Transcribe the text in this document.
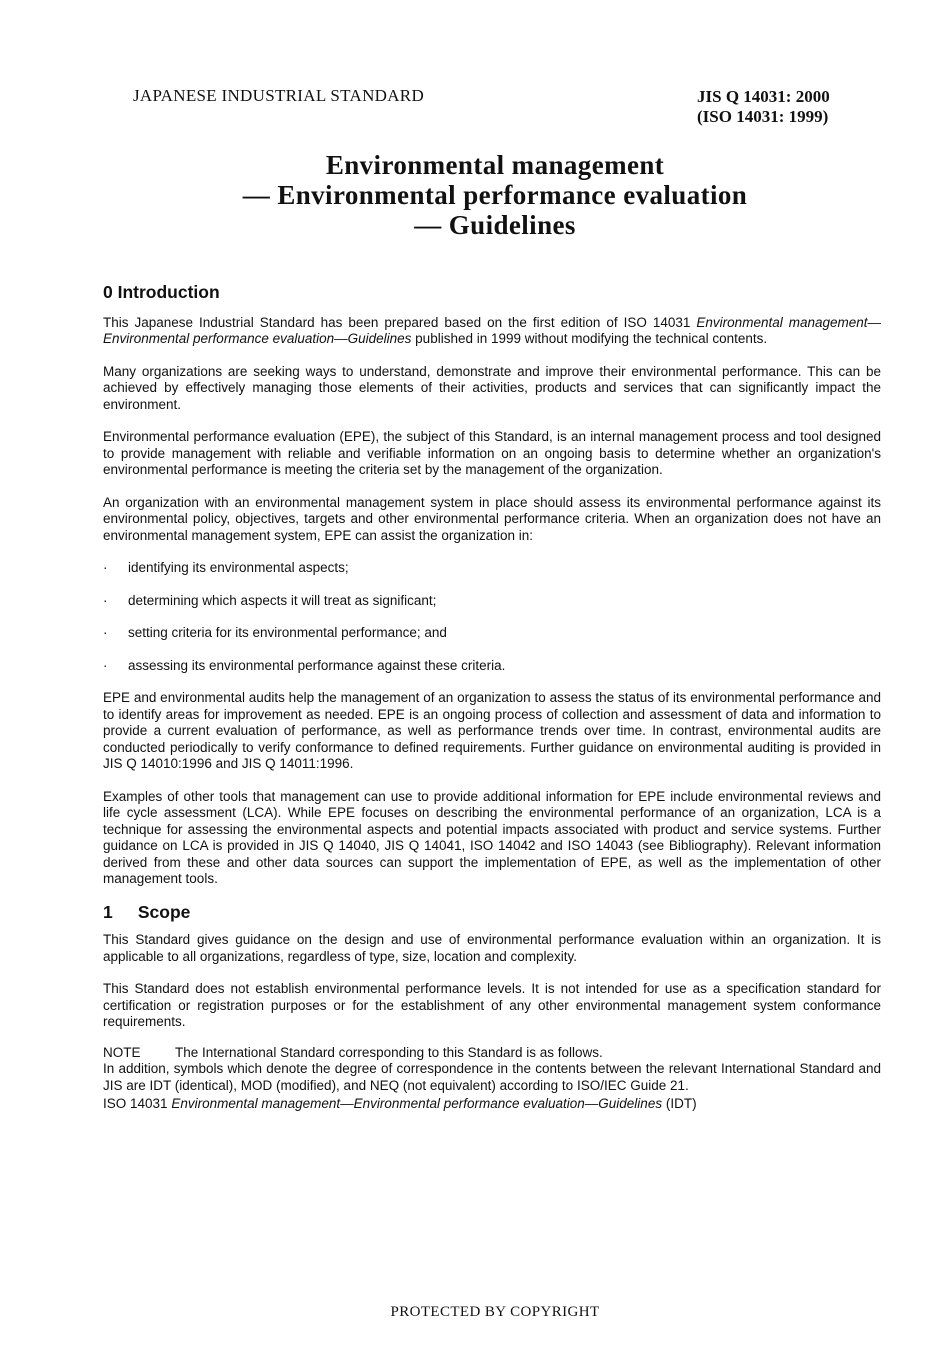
JAPANESE INDUSTRIAL STANDARD	JIS Q 14031: 2000
(ISO 14031: 1999)
Environmental management
— Environmental performance evaluation
— Guidelines
0 Introduction

This Japanese Industrial Standard has been prepared based on the first edition of ISO 14031 Environmental management—Environmental performance evaluation—Guidelines published in 1999 without modifying the technical contents.

Many organizations are seeking ways to understand, demonstrate and improve their environmental performance. This can be achieved by effectively managing those elements of their activities, products and services that can significantly impact the environment.

Environmental performance evaluation (EPE), the subject of this Standard, is an internal management process and tool designed to provide management with reliable and verifiable information on an ongoing basis to determine whether an organization's environmental performance is meeting the criteria set by the management of the organization.

An organization with an environmental management system in place should assess its environmental performance against its environmental policy, objectives, targets and other environmental performance criteria. When an organization does not have an environmental management system, EPE can assist the organization in:

· identifying its environmental aspects;
· determining which aspects it will treat as significant;
· setting criteria for its environmental performance; and
· assessing its environmental performance against these criteria.

EPE and environmental audits help the management of an organization to assess the status of its environmental performance and to identify areas for improvement as needed. EPE is an ongoing process of collection and assessment of data and information to provide a current evaluation of performance, as well as performance trends over time. In contrast, environmental audits are conducted periodically to verify conformance to defined requirements. Further guidance on environmental auditing is provided in JIS Q 14010:1996 and JIS Q 14011:1996.

Examples of other tools that management can use to provide additional information for EPE include environmental reviews and life cycle assessment (LCA). While EPE focuses on describing the environmental performance of an organization, LCA is a technique for assessing the environmental aspects and potential impacts associated with product and service systems. Further guidance on LCA is provided in JIS Q 14040, JIS Q 14041, ISO 14042 and ISO 14043 (see Bibliography). Relevant information derived from these and other data sources can support the implementation of EPE, as well as the implementation of other management tools.

1 Scope

This Standard gives guidance on the design and use of environmental performance evaluation within an organization. It is applicable to all organizations, regardless of type, size, location and complexity.

This Standard does not establish environmental performance levels. It is not intended for use as a specification standard for certification or registration purposes or for the establishment of any other environmental management system conformance requirements.

NOTE	The International Standard corresponding to this Standard is as follows.

In addition, symbols which denote the degree of correspondence in the contents between the relevant International Standard and JIS are IDT (identical), MOD (modified), and NEQ (not equivalent) according to ISO/IEC Guide 21.

ISO 14031 Environmental management—Environmental performance evaluation—Guidelines (IDT)

PROTECTED BY COPYRIGHT
